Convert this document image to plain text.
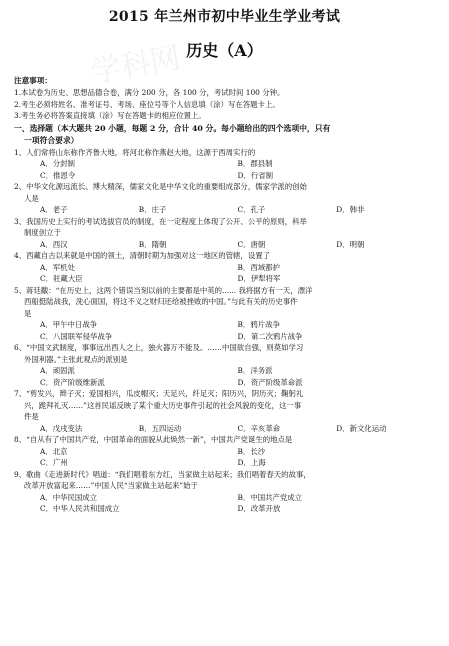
学科网
2015 年兰州市初中毕业生学业考试
历史（A）
注意事项：
1.本试卷为历史、思想品德合卷，满分 200 分，各 100 分，考试时间 100 分钟。
2.考生必须将姓名、准考证号、考场、座位号等个人信息填（涂）写在答题卡上。
3.考生务必将答案直接填（涂）写在答题卡的相应位置上。
一、选择题（本大题共 20 小题，每题 2 分，合计 40 分。每小题给出的四个选项中，只有
一项符合要求）
1、人们常将山东称作齐鲁大地，将河北称作燕赵大地，这源于西周实行的
A．分封制	B．郡县制
C．推恩令	D．行省制
2、中华文化源远流长、博大精深，儒家文化是中华文化的重要组成部分，儒家学派的创始
人是
A．老子	B．庄子	C．孔子	D．韩非
3、我国历史上实行的考试选拔官员的制度，在一定程度上体现了公开、公平的原则，科举
制度创立于
A．西汉	B．隋朝	C．唐朝	D．明朝
4、西藏自古以来就是中国的领土，清朝时期为加强对这一地区的管辖，设置了
A．军机处	B．西域都护
C．驻藏大臣	D．伊犁将军
5、蒋廷黻：“在历史上，这两个错误当刻以前的主要都是中英的...... 我将据方有一天，漂洋
西船挺陆战我，洗心面国，将这不义之财归还给被挫败的中国。”与此有关的历史事件
是
A．甲午中日战争	B．鸦片战争
C．八国联军侵华战争	D．第二次鸦片战争
6、“中国文武制度，事事远出西人之上，独火器万不能及。……中国欲自强，则莫如学习
外国利器。”主张此观点的派别是
A．顽固派	B．洋务派
C．资产阶级维新派	D．资产阶级革命派
7、“剪发兴，辫子灭；爱国相兴，瓜皮帽灭；天足兴，纤足灭；阳历兴，阴历灭；鞠躬礼
兴，跪拜礼灭……”这首民谣反映了某个重大历史事件引起的社会风貌的变化，这一事
件是
A．戊戌变法	B．五四运动	C．辛亥革命	D．新文化运动
8、“自从有了中国共产党，中国革命的面貌从此焕然一新”，中国共产党诞生的地点是
A．北京	B．长沙
C．广州	D．上海
9、歌曲《走进新时代》唱道：“我们唱着东方红，当家做主站起来；我们唱着春天的故事，
改革开放富起来……”中国人民“当家做主站起来”始于
A．中华民国成立	B．中国共产党成立
C．中华人民共和国成立	D．改革开放
